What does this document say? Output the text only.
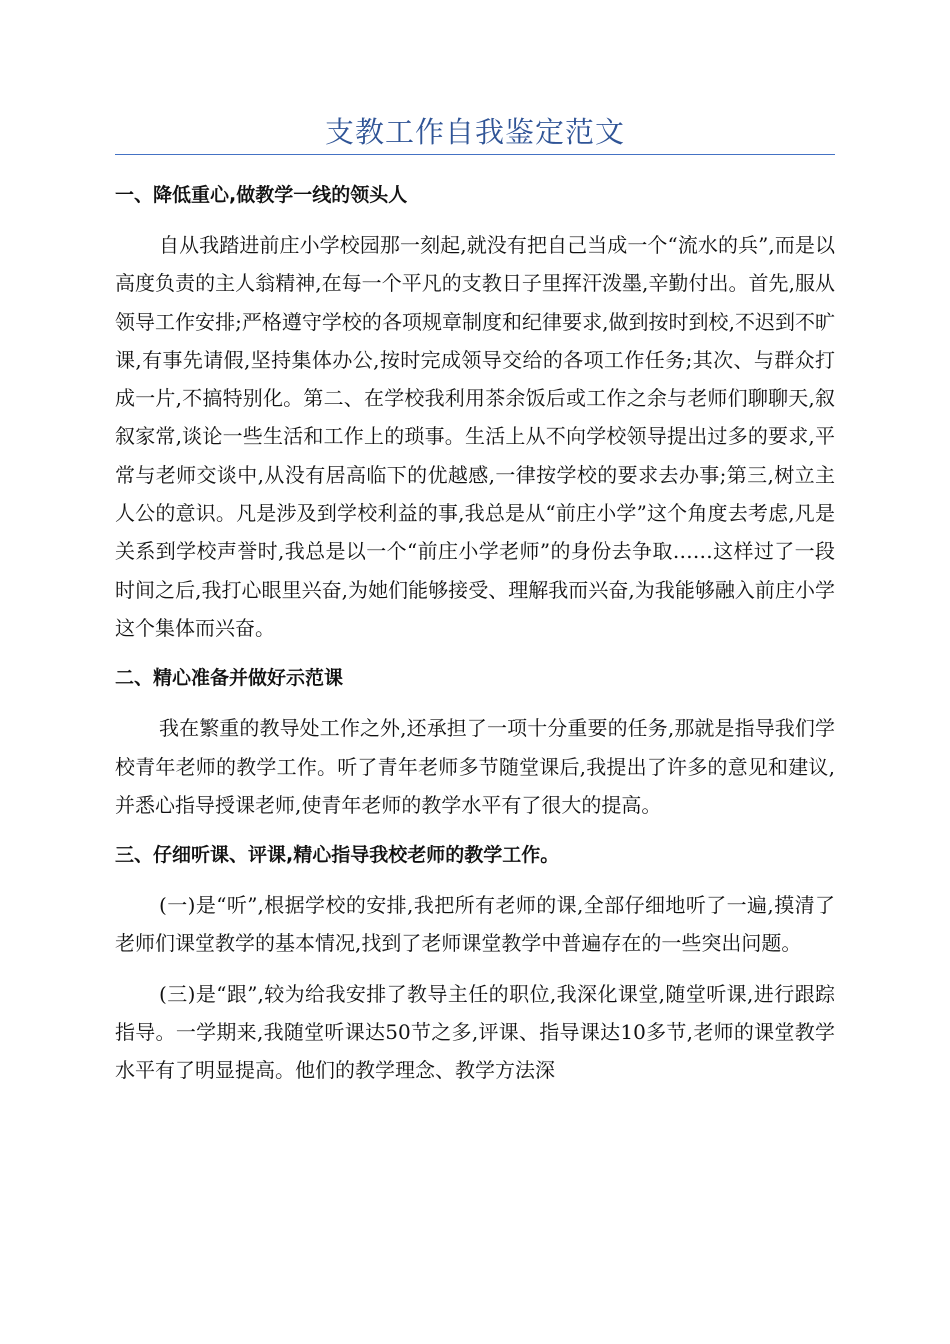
支教工作自我鉴定范文
一、降低重心,做教学一线的领头人

自从我踏进前庄小学校园那一刻起,就没有把自己当成一个“流水的兵”,而是以高度负责的主人翁精神,在每一个平凡的支教日子里挥汗泼墨,辛勤付出。首先,服从领导工作安排;严格遵守学校的各项规章制度和纪律要求,做到按时到校,不迟到不旷课,有事先请假,坚持集体办公,按时完成领导交给的各项工作任务;其次、与群众打成一片,不搞特别化。第二、在学校我利用茶余饭后或工作之余与老师们聊聊天,叙叙家常,谈论一些生活和工作上的琐事。生活上从不向学校领导提出过多的要求,平常与老师交谈中,从没有居高临下的优越感,一律按学校的要求去办事;第三,树立主人公的意识。凡是涉及到学校利益的事,我总是从“前庄小学”这个角度去考虑,凡是关系到学校声誉时,我总是以一个“前庄小学老师”的身份去争取……这样过了一段时间之后,我打心眼里兴奋,为她们能够接受、理解我而兴奋,为我能够融入前庄小学这个集体而兴奋。

二、精心准备并做好示范课

我在繁重的教导处工作之外,还承担了一项十分重要的任务,那就是指导我们学校青年老师的教学工作。听了青年老师多节随堂课后,我提出了许多的意见和建议,并悉心指导授课老师,使青年老师的教学水平有了很大的提高。

三、仔细听课、评课,精心指导我校老师的教学工作。

(一)是“听”,根据学校的安排,我把所有老师的课,全部仔细地听了一遍,摸清了老师们课堂教学的基本情况,找到了老师课堂教学中普遍存在的一些突出问题。

(三)是“跟”,较为给我安排了教导主任的职位,我深化课堂,随堂听课,进行跟踪指导。一学期来,我随堂听课达50节之多,评课、指导课达10多节,老师的课堂教学水平有了明显提高。他们的教学理念、教学方法深
